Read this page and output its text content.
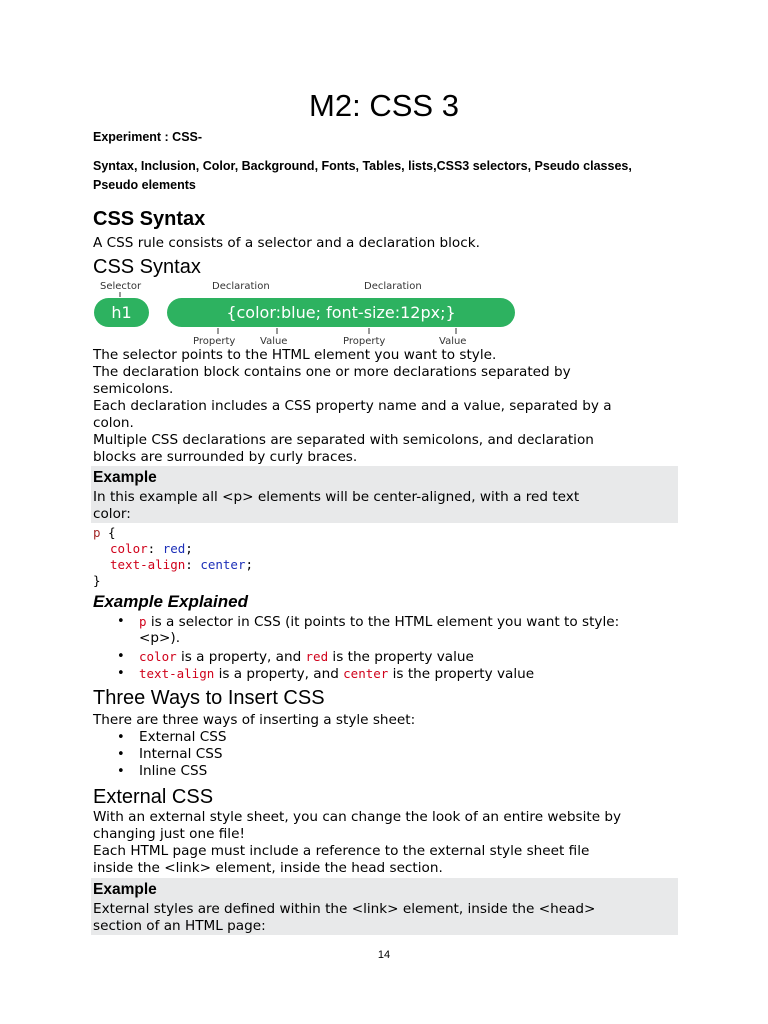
M2: CSS 3
Experiment : CSS-
Syntax, Inclusion, Color, Background, Fonts, Tables, lists,CSS3 selectors, Pseudo classes,
Pseudo elements
CSS Syntax
A CSS rule consists of a selector and a declaration block.
CSS Syntax
Selector	Declaration	Declaration
h1	{color:blue; font-size:12px;}
Property Value	Property	Value
The selector points to the HTML element you want to style.
The declaration block contains one or more declarations separated by
semicolons.
Each declaration includes a CSS property name and a value, separated by a
colon.
Multiple CSS declarations are separated with semicolons, and declaration
blocks are surrounded by curly braces.
Example
In this example all <p> elements will be center-aligned, with a red text
color:
p {
color: red;
text-align: center;
}
Example Explained
• p is a selector in CSS (it points to the HTML element you want to style:
<p>).
• color is a property, and red is the property value
• text-align is a property, and center is the property value
Three Ways to Insert CSS
There are three ways of inserting a style sheet:
• External CSS
• Internal CSS
• Inline CSS
External CSS
With an external style sheet, you can change the look of an entire website by
changing just one file!
Each HTML page must include a reference to the external style sheet file
inside the <link> element, inside the head section.
Example
External styles are defined within the <link> element, inside the <head>
section of an HTML page:
14
